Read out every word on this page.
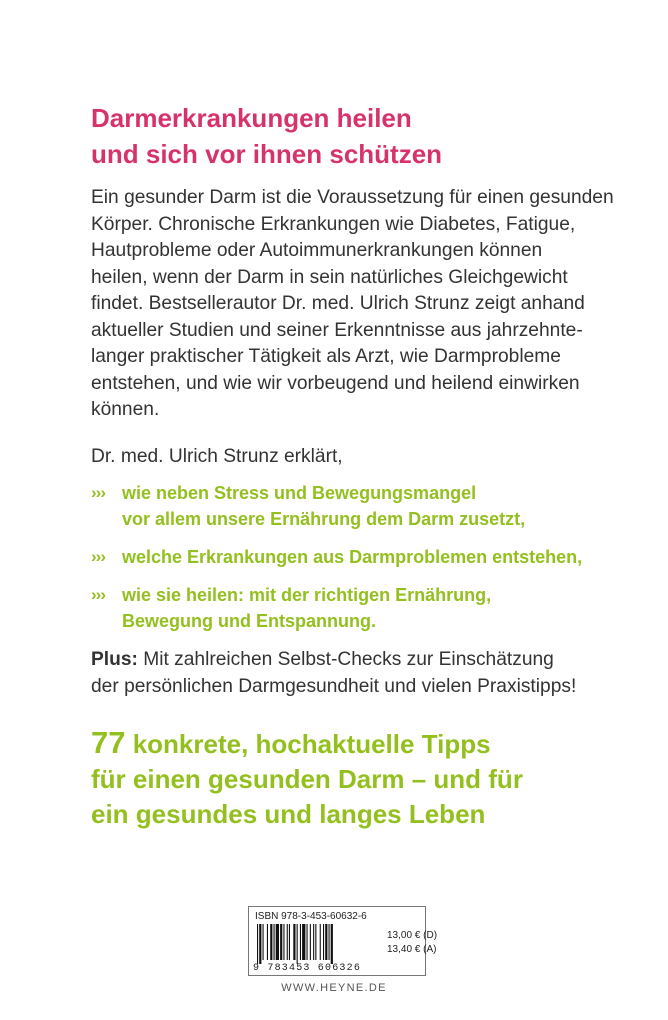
Darmerkrankungen heilen
und sich vor ihnen schützen
Ein gesunder Darm ist die Voraussetzung für einen gesunden
Körper. Chronische Erkrankungen wie Diabetes, Fatigue,
Hautprobleme oder Autoimmunerkrankungen können
heilen, wenn der Darm in sein natürliches Gleichgewicht
findet. Bestsellerautor Dr. med. Ulrich Strunz zeigt anhand
aktueller Studien und seiner Erkenntnisse aus jahrzehnte-
langer praktischer Tätigkeit als Arzt, wie Darmprobleme
entstehen, und wie wir vorbeugend und heilend einwirken
können.
Dr. med. Ulrich Strunz erklärt,
››› wie neben Stress und Bewegungsmangel
vor allem unsere Ernährung dem Darm zusetzt,
››› welche Erkrankungen aus Darmproblemen entstehen,
››› wie sie heilen: mit der richtigen Ernährung,
Bewegung und Entspannung.
Plus: Mit zahlreichen Selbst-Checks zur Einschätzung
der persönlichen Darmgesundheit und vielen Praxistipps!
77 konkrete, hochaktuelle Tipps
für einen gesunden Darm – und für
ein gesundes und langes Leben
ISBN 978-3-453-60632-6
9 783453 606326
13,00 € (D)
13,40 € (A)
WWW.HEYNE.DE
